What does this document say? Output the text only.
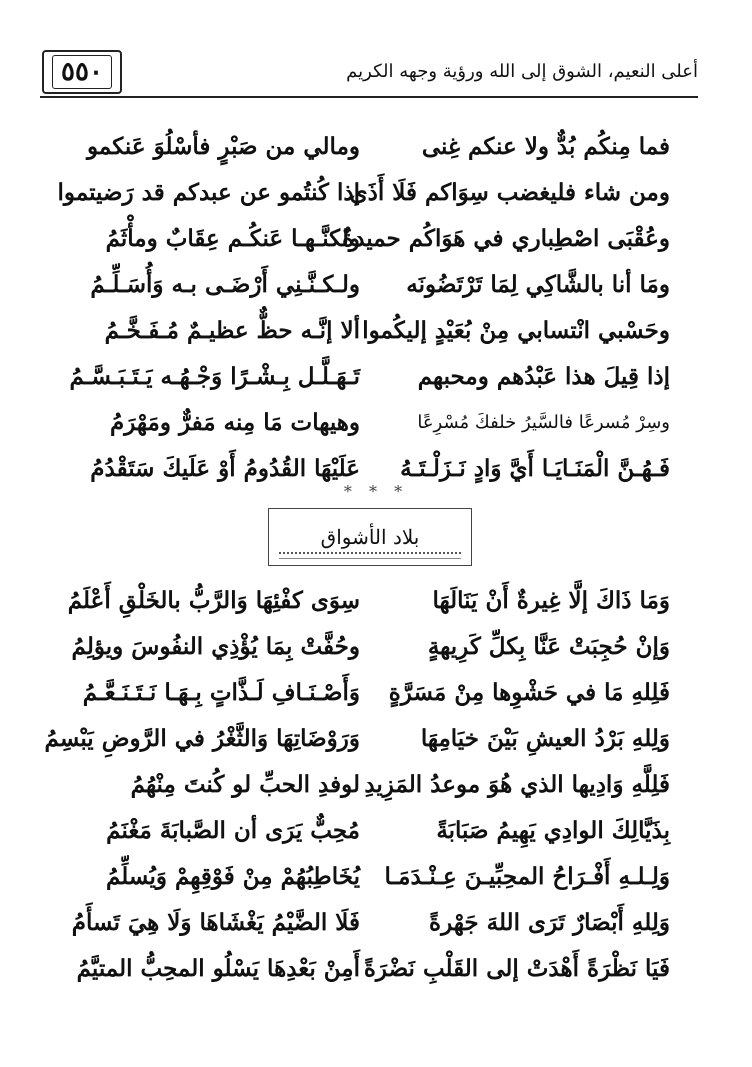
٥٥٠	أعلى النعيم، الشوق إلى الله ورؤية وجهه الكريم
فما مِنكُم بُدٌّ ولا عنكم غِنى
ومالي من صَبْرٍ فأسْلُوَ عَنكمو
ومن شاء فليغضب سِوَاكم فَلَا أَذَى
إذا كُنتُمو عن عبدكم قد رَضيتموا
وعُقْبَى اصْطِباري في هَوَاكُم حميدةٌ
ولكنَّـهـا عَنكُـم عِقَابٌ ومأْثَمُ
ومَا أنا بالشَّاكِي لِمَا تَرْتَضُونَه
ولـكـنَّـنِي أَرْضَـى بـه وَأُسَـلِّـمُ
وحَسْبي انْتسابي مِنْ بُعَيْدٍ إليكُموا
ألا إنَّـه حظٌّ عظيـمٌ مُـفَـخَّـمُ
إذا قِيلَ هذا عَبْدُهم ومحبهم
تَـهَـلَّـل بِـشْـرًا وَجْـهُـه يَـتَـبَـسَّـمُ
وسِرْ مُسرعًا فالسَّيرُ خلفكَ مُسْرِعًا
وهيهات مَا مِنه مَفرٌّ ومَهْرَمُ
فَـهُـنَّ الْمَنَـايَـا أَيَّ وَادٍ نَـزَلْـتَـهُ
عَلَيْهَا القُدُومُ أَوْ عَلَيكَ سَتَقْدُمُ
* * *
بلاد الأشواق
وَمَا ذَاكَ إلَّا غِيرةٌ أَنْ يَنَالَهَا
سِوَى كفْئِهَا وَالرَّبُّ بالخَلْقِ أَعْلَمُ
وَإنْ حُجِبَتْ عَنَّا بِكلِّ كَرِيهةٍ
وحُفَّتْ بِمَا يُؤْذِي النفُوسَ ويؤلِمُ
فَلِلهِ مَا في حَشْوِها مِنْ مَسَرَّةٍ
وَأَصْـنَـافِ لَـذَّاتٍ بِـهَـا نَـتَـنَـعَّـمُ
وَلِلهِ بَرْدُ العيشِ بَيْنَ خيَامِهَا
وَرَوْضَاتِهَا وَالثَّغْرُ في الرَّوضِ يَبْسِمُ
فَلِلَّهِ وَادِيها الذي هُوَ موعدُ المَزِيدِ
لوفدِ الحبِّ لو كُنتَ مِنْهُمُ
بِذَيَّالِكَ الوادِي يَهِيمُ صَبَابَةً
مُحِبٌّ يَرَى أن الصَّبابَةَ مَغْنَمُ
وَلِـلـهِ أَفْـرَاحُ المحِبِّيـنَ عِـنْـدَمَـا
يُخَاطِبُهُمْ مِنْ فَوْقِهِمْ وَيُسلِّمُ
وَلِلهِ أَبْصَارٌ تَرَى اللهَ جَهْرةً
فَلَا الضَّيْمُ يَغْشَاهَا وَلَا هِيَ تَسأَمُ
فَيَا نَظْرَةً أَهْدَتْ إلى القَلْبِ نَضْرَةً
أَمِنْ بَعْدِهَا يَسْلُو المحِبُّ المتيَّمُ
